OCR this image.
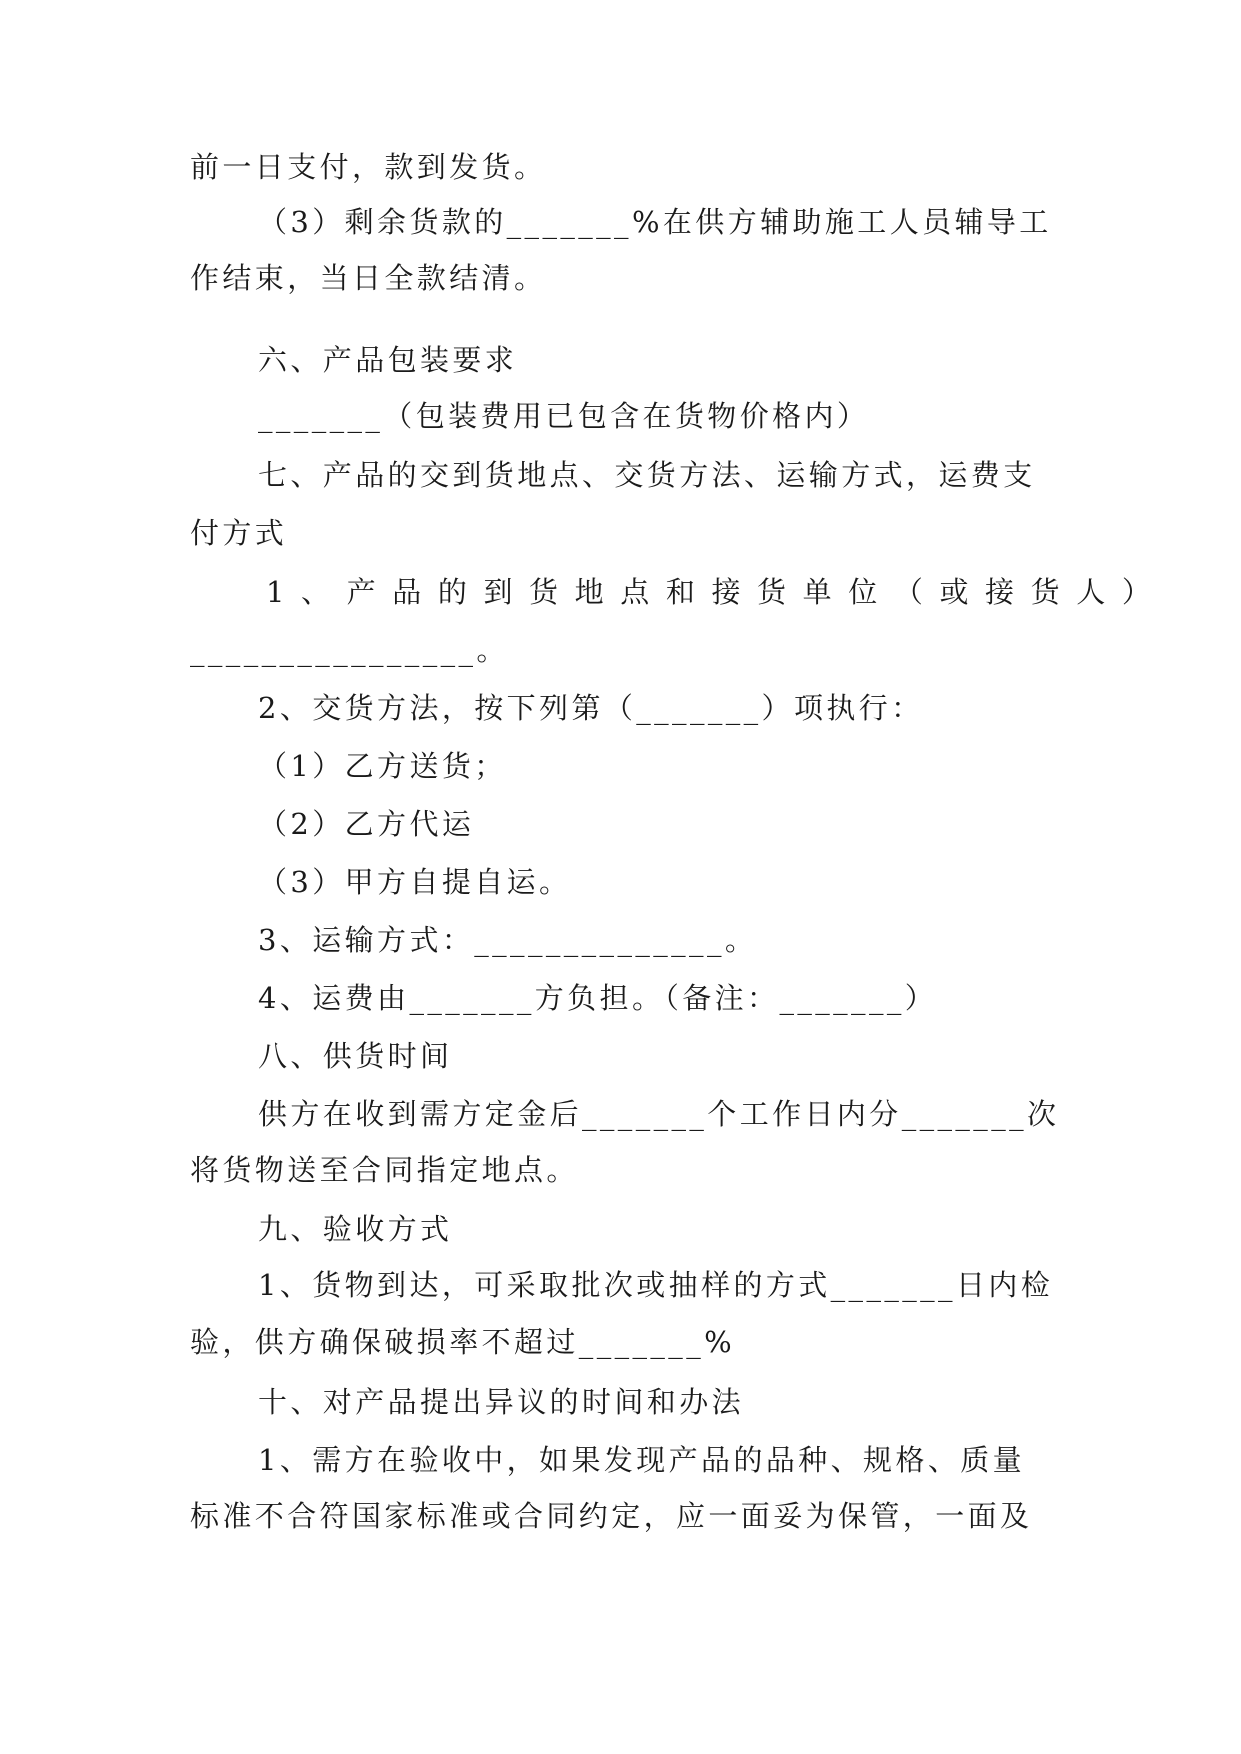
前一日支付，款到发货。
（3）剩余货款的_______%在供方辅助施工人员辅导工
作结束，当日全款结清。
六、产品包装要求
_______（包装费用已包含在货物价格内）
七、产品的交到货地点、交货方法、运输方式，运费支
付方式
1、产品的到货地点和接货单位（或接货人）
________________。
2、交货方法，按下列第（_______）项执行：
（1）乙方送货；
（2）乙方代运
（3）甲方自提自运。
3、运输方式：______________。
4、运费由_______方负担。（备注：_______）
八、供货时间
供方在收到需方定金后_______个工作日内分_______次
将货物送至合同指定地点。
九、验收方式
1、货物到达，可采取批次或抽样的方式_______日内检
验，供方确保破损率不超过_______%
十、对产品提出异议的时间和办法
1、需方在验收中，如果发现产品的品种、规格、质量
标准不合符国家标准或合同约定，应一面妥为保管，一面及
